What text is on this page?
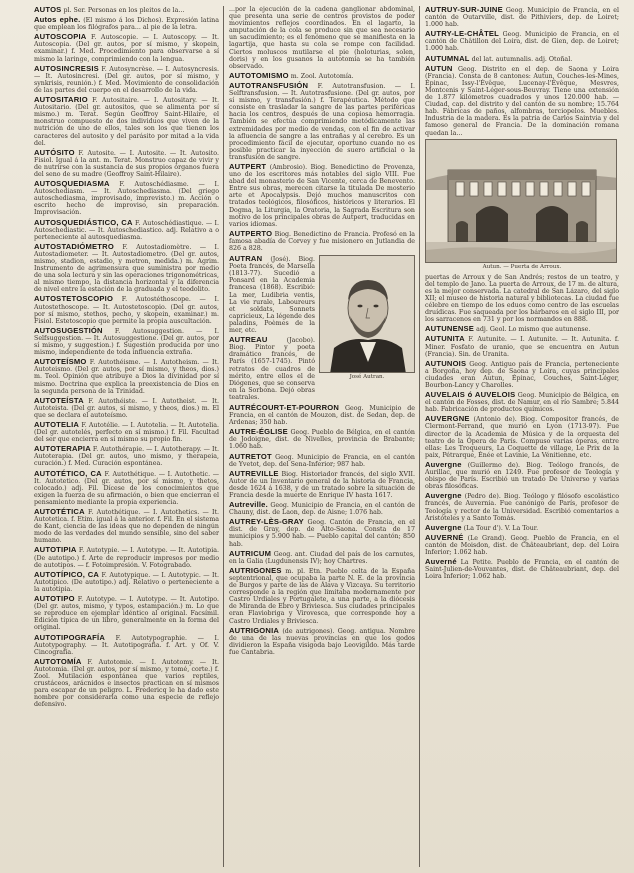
AUTOS pl. Ser. Personas en los pleitos de la...

Autos ephe. (El mismo á los Dichos). Expresión latina que emplean los filógrafos para... al pie de la letra.

AUTOSCOPIA F. Autoscopie. — I. Autoscopy. — It. Autoscopia. (Del gr. autos, por sí mismo, y skopein, examinar.) f. Med. Procedimiento para observarse a sí mismo la laringe, comprimiendo con la lengua.

AUTOSINCRESIS F. Autosyncrèse. — I. Autosyncresis. — It. Autosincresi. (Del gr. autos, por sí mismo, y synkrisis, reunión.) f. Med. Movimiento de consolidación de las partes del cuerpo en el desarrollo de la vida.

AUTOSITARIO F. Autositaire. — I. Autositary. — It. Autositario. (Del gr. autositos, que se alimenta por sí mismo.) m. Terat. Según Geoffroy Saint-Hilaire, el monstruo compuesto de dos individuos que viven de la nutrición de uno de ellos, tales son los que tienen los caracteres del autosito y del parásito por mitad a la vida del.

AUTÓSITO F. Autosite. — I. Autosite. — It. Autosito. Fisiol. Igual á la ant. m. Terat. Monstruo capaz de vivir y de nutrirse con la sustancia de sus propios órganos fuera del seno de su madre (Geoffroy Saint-Hilaire).

AUTOSQUEDIASMA F. Autoschédiasme. — I. Autoschediasm. — It. Autoschediasma. (Del griego autoschediasma, improvisado, imprevisto.) m. Acción o escrito hecho de improviso, sin preparación. Improvisación.

AUTOSQUEDIÁSTICO, CA F. Autoschédiastique. — I. Autoschediastic. — It. Autoschediastico. adj. Relativo a o perteneciente al autosquediasma.

AUTOSTADIÓMETRO F. Autostadiomètre. — I. Autostadiometer. — It. Autostadiometro. (Del gr. autos, mismo, stadion, estadio, y metron, medida.) m. Agrim. Instrumento de agrimensura que suministra por medio de una sola lectura y sin las operaciones trigonométricas, al mismo tiempo, la distancia horizontal y la diferencia de nivel entre la estación de la graduada y el teodolito.

AUTOSTETOSCOPIO F. Autostéthoscope. — I. Autostethoscope. — It. Autostetoscopio. (Del gr. autos, por sí mismo, stethos, pecho, y skopein, examinar.) m. Fisiol. Estetoscopio que permite la propia auscultación.

AUTOSUGESTIÓN F. Autosuggestion. — I. Selfsuggestion. — It. Autosuggestione. (Del gr. autos, por sí mismo, y suggestion.) f. Sugestión producida por uno mismo, independiente de toda influencia extraña.

AUTOTEÍSMO F. Autothéisme. — I. Autotheism. — It. Autoteismo. (Del gr. autos, por sí mismo, y theos, dios.) m. Teol. Opinión que atribuye a Dios la divinidad por sí mismo. Doctrina que explica la preexistencia de Dios en la segunda persona de la Trinidad.

AUTOTEÍSTA F. Autothéiste. — I. Autotheist. — It. Autoteista. (Del gr. autos, sí mismo, y theos, dios.) m. El que se declara el autoteísmo.

AUTOTELIA F. Autotélie. — I. Autotelia. — It. Autotelia. (Del gr. autotelés, perfecto en sí mismo.) f. Fil. Facultad del ser que encierra en sí mismo su propio fin.

AUTOTERAPIA F. Autothérapie. — I. Autotherapy. — It. Autoterapia. (Del gr. autos, uno mismo, y therapeia, curación.) f. Med. Curación espontánea.

AUTOTÉTICO, CA F. Autothétique. — I. Autothetic. — It. Autotetico. (Del gr. autos, por sí mismo, y thetos, colocado.) adj. Fil. Dícese de los conocimientos que exigen la fuerza de su afirmación, o bien que encierran el pensamiento mediante la propia experiencia.

AUTOTÉTICA F. Autothétique. — I. Autothetics. — It. Autotetica. f. Etim. igual á la anterior. f. Fil. En el sistema de Kant, ciencia de las ideas que no dependen de ningún modo de las verdades del mundo sensible, sino del saber humano.

AUTOTIPIA F. Autotypie. — I. Autotype. — It. Autotipia. (De autotipo.) f. Arte de reproducir impresos por medio de autotipos. — f. Fotoimpresión. V. Fotograbado.

AUTOTÍPICO, CA F. Autotypique. — I. Autotypic. — It. Autotipico. (De autotipo.) adj. Relativo o perteneciente a la autotipia.

AUTOTIPO F. Autotype. — I. Autotype. — It. Autotipo. (Del gr. autos, mismo, y typos, estampación.) m. Lo que se reproduce en ejemplar idéntico al original. Facsímil. Edición típica de un libro, generalmente en la forma del original.

AUTOTIPOGRAFÍA F. Autotypographie. — I. Autotypography. — It. Autotipografia. f. Art. y Of. V. Cincografía.

AUTOTOMÍA F. Autotomie. — I. Autotomy. — It. Autotomia. (Del gr. autos, por sí mismo, y tomé, corte.) f. Zool. Mutilación espontánea que varios reptiles, crustáceos, arácnidos e insectos practican en sí mismos para escapar de un peligro. L. Fredericq le ha dado este nombre por considerarla como una especie de reflejo defensivo.

...por la ejecución de la cadena ganglionar abdominal, que presenta una serie de centros provistos de poder movimientos reflejos coordinados. En el lagarto, la amputación de la cola se produce sin que sea necesario un sacudimiento; es el fenómeno que se manifiesta en la lagartija, que hasta su cola se rompe con facilidad. Ciertos moluscos mutilarse el pie (holoturias, solen, doris) y en los gusanos la autotomía se ha también observado.

AUTOTOMISMO m. Zool. Autotomía.

AUTOTRANSFUSIÓN F. Autotransfusion. — I. Selftransfusion. — It. Autotrasfusione. (Del gr. autos, por sí mismo, y transfusión.) f. Terapéutica. Método que consiste en trasladar la sangre de las partes periféricas hacia los centros, después de una copiosa hemorragia. También se efectúa comprimiendo metódicamente las extremidades por medio de vendas, con el fin de activar la afluencia de sangre a las entrañas y al cerebro. Es un procedimiento fácil de ejecutar, oportuno cuando no es posible practicar la inyección de suero artificial o la transfusión de sangre.

AUTPERT (Ambrosio). Biog. Benedictino de Provenza, uno de los escritores más notables del siglo VIII. Fue abad del monasterio de San Vicente, cerca de Benevento. Entre sus obras, merecen citarse la titulada De mosterio arte et Apocalypsis. Dejó muchos manuscritos con tratados teológicos, filosóficos, históricos y literarios. El Dogma, la Liturgia, la Oratoria, la Sagrada Escritura son motivo de los principales obras de Autpert, traducidas en varios idiomas.

AUTPERTO Biog. Benedictino de Francia. Profesó en la famosa abadía de Corvey y fue misionero en Jutlandia de 826 a 828.

AUTRAN (José). Biog. Poeta francés, de Marsella (1813-77). Sucedió a Ponsard en la Academia francesa (1868). Escribió: La mer, Ludibria ventis, La vie rurale, Laboureurs et soldats, Sonnets capricieux, La légende des paladins, Poèmes de la mer, etc.

AUTREAU	(Jacobo). Biog. Pintor y poeta dramático francés, de París (1657-1745). Pintó retratos de cuadros de mérito, entre ellos el de Diógenes, que se conserva en la Sorbona. Dejó obras teatrales.

José Autran.

AUTRÉCOURT-ET-POURRON Geog. Municipio de Francia, en el cantón de Mouzon, dist. de Sedan, dep. de Ardenas; 350 hab.

AUTRE-ÉGLISE Geog. Pueblo de Bélgica, en el cantón de Jodoigne, dist. de Nivelles, provincia de Brabante; 1.060 hab.

AUTRETOT Geog. Municipio de Francia, en el cantón de Yvetot, dep. del Sena-Inferior; 987 hab.

AUTREVILLE Biog. Historiador francés, del siglo XVII. Autor de un Inventario general de la historia de Francia, desde 1624 á 1638, y de un tratado sobre la situación de Francia desde la muerte de Enrique IV hasta 1617.

Autreville. Geog. Municipio de Francia, en el cantón de Chauny, dist. de Laon, dep. de Aisne; 1.076 hab.

AUTREY-LÈS-GRAY Geog. Cantón de Francia, en el dist. de Gray, dep. de Alto-Saona. Consta de 17 municipios y 5.900 hab. — Pueblo capital del cantón; 850 hab.

AUTRICUM Geog. ant. Ciudad del país de los carnutes, en la Galia (Lugdunensis IV); hoy Chartres.

AUTRIGONES m. pl. Etn. Pueblo celta de la España septentrional, que ocupaba la parte N. E. de la provincia de Burgos y parte de las de Álava y Vizcaya. Su territorio corresponde a la región que limitaba modernamente por Castro Urdiales y Portugalete, a una parte, a la diócesis de Miranda de Ebro y Briviesca. Sus ciudades principales eran Flaviobriga y Virovesca, que corresponde hoy a Castro Urdiales y Briviesca.

AUTRIGONIA (de autrigones). Geog. antigua. Nombre de una de las nuevas provincias en que los godos dividieron la España visigoda bajo Leovigildo. Más tarde fue Cantabria.

AUTRUY-SUR-JUINE Geog. Municipio de Francia, en el cantón de Outarville, dist. de Pithiviers, dep. de Loiret; 1.000 hab.

AUTRY-LE-CHÂTEL Geog. Municipio de Francia, en el cantón de Châtillon del Loira, dist. de Gien, dep. de Loiret; 1.000 hab.

AUTUMNAL del lat. autumnalis. adj. Otoñal.

AUTUN Geog. Distrito en el dep. de Saona y Loira (Francia). Consta de 8 cantones: Autun, Couches-les-Mines, Épinac, Issy-l'Évêque, Lucenay-l'Évêque, Mesvres, Montcenis y Saint-Léger-sous-Beuvray. Tiene una extensión de 1.877 kilómetros cuadrados y unos 120.000 hab. — Ciudad, cap. del distrito y del cantón de su nombre; 15.764 hab. Fábricas de paños, alfombras, terciopelos. Muebles. Industria de la madera. Es la patria de Carlos Saintvia y del famoso general de Francia. De la dominación romana quedan la...

Autun. — Puerta de Arroux.

puertas de Arroux y de San Andrés; restos de un teatro, y del templo de Jano. La puerta de Arroux, de 17 m. de altura, es la mejor conservada. La catedral de San Lázaro, del siglo XII; el museo de historia natural y bibliotecas. La ciudad fue célebre en tiempo de los eduos como centro de las escuelas druídicas. Fue saqueada por los bárbaros en el siglo III, por los sarracenos en 731 y por los normandos en 888.

AUTUNENSE adj. Geol. Lo mismo que autunense.

AUTUNITA F. Autunite. — I. Autunite. — It. Autunita. f. Miner. Fosfato de uranio, que se encuentra en Autun (Francia). Sin. de Uranita.

AUTUNOIS Geog. Antiguo país de Francia, perteneciente a Borgoña, hoy dep. de Saona y Loira, cuyas principales ciudades eran Autun, Épinac, Couches, Saint-Léger, Bourbon-Lancy y Charolles.

AUVELAIS ó AUVELOIS Geog. Municipio de Bélgica, en el cantón de Fosses, dist. de Namur, en el río Sambre; 5.844 hab. Fabricación de productos químicos.

AUVERGNE (Antonio de). Biog. Compositor francés, de Clermont-Ferrand, que murió en Lyon (1713-97). Fue director de la Academia de Música y de la orquesta del teatro de la Ópera de París. Compuso varias óperas, entre ellas: Les Troqueurs, La Coquette de village, Le Prix de la paix, Pétrarque, Énée et Lavinie, La Vénitienne, etc.

Auvergne (Guillermo de). Biog. Teólogo francés, de Aurillac, que murió en 1249. Fue profesor de Teología y obispo de París. Escribió un tratado De Universo y varias obras filosóficas.

Auvergne (Pedro de). Biog. Teólogo y filósofo escolástico francés, de Auvernia. Fue canónigo de París, profesor de Teología y rector de la Universidad. Escribió comentarios a Aristóteles y a Santo Tomás.

Auvergne (La Tour d'). V. La Tour.

AUVERNÉ (Le Grand). Geog. Pueblo de Francia, en el cantón de Moisdon, dist. de Châteaubriant, dep. del Loira Inferior; 1.062 hab.

Auverné La Petite. Pueblo de Francia, en el cantón de Saint-Julien-de-Vouvantes, dist. de Châteaubriant, dep. del Loira Inferior; 1.062 hab.
